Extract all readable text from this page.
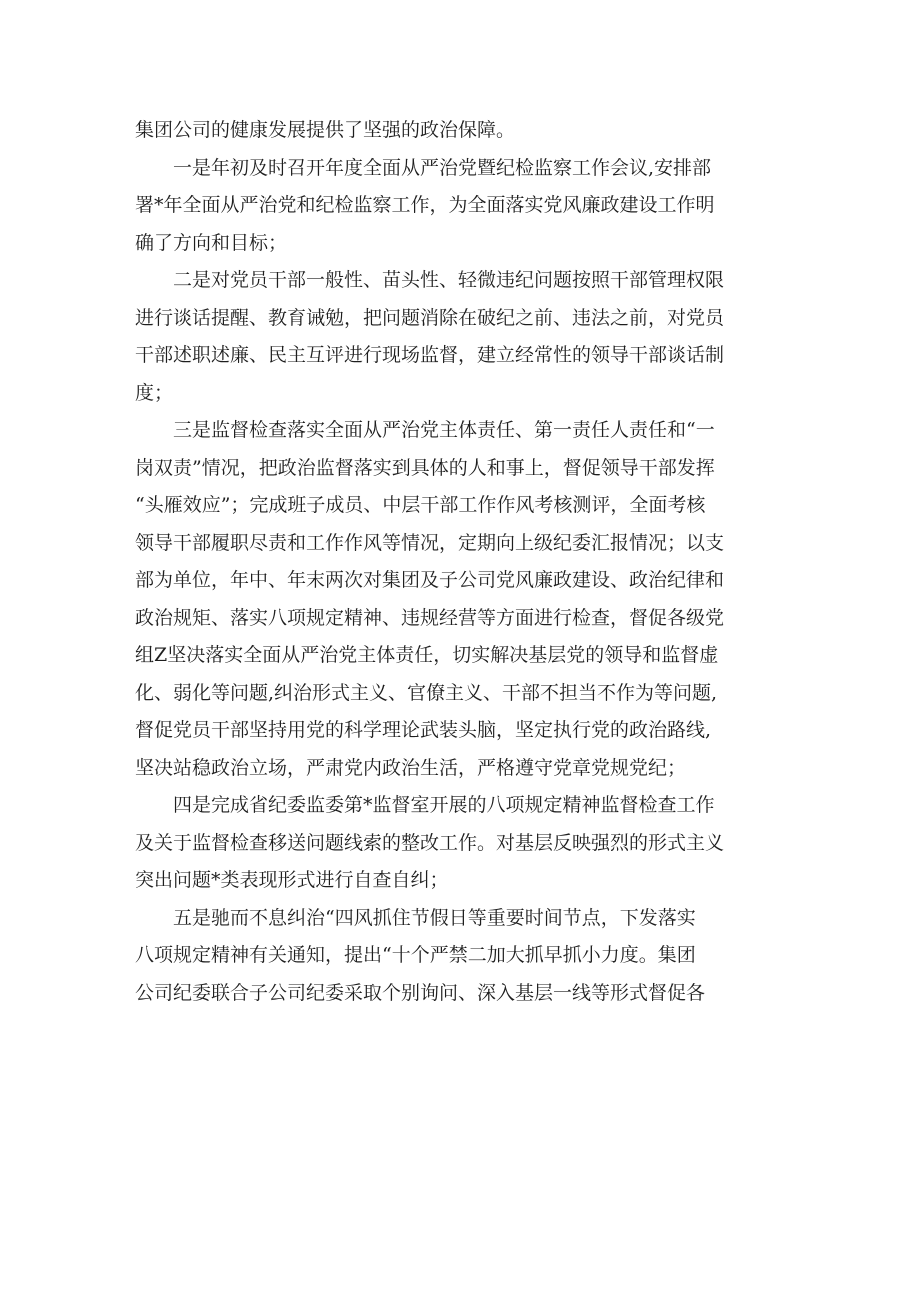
集团公司的健康发展提供了坚强的政治保障。

一是年初及时召开年度全面从严治党暨纪检监察工作会议,安排部
署*年全面从严治党和纪检监察工作，为全面落实党风廉政建设工作明
确了方向和目标；

二是对党员干部一般性、苗头性、轻微违纪问题按照干部管理权限
进行谈话提醒、教育诫勉，把问题消除在破纪之前、违法之前，对党员
干部述职述廉、民主互评进行现场监督，建立经常性的领导干部谈话制
度；

三是监督检查落实全面从严治党主体责任、第一责任人责任和“一
岗双责”情况，把政治监督落实到具体的人和事上，督促领导干部发挥
“头雁效应”；完成班子成员、中层干部工作作风考核测评，全面考核
领导干部履职尽责和工作作风等情况，定期向上级纪委汇报情况；以支
部为单位，年中、年末两次对集团及子公司党风廉政建设、政治纪律和
政治规矩、落实八项规定精神、违规经营等方面进行检查，督促各级党
组Z坚决落实全面从严治党主体责任，切实解决基层党的领导和监督虚
化、弱化等问题,纠治形式主义、官僚主义、干部不担当不作为等问题,
督促党员干部坚持用党的科学理论武装头脑，坚定执行党的政治路线,
坚决站稳政治立场，严肃党内政治生活，严格遵守党章党规党纪；

四是完成省纪委监委第*监督室开展的八项规定精神监督检查工作
及关于监督检查移送问题线索的整改工作。对基层反映强烈的形式主义
突出问题*类表现形式进行自查自纠；

五是驰而不息纠治“四风抓住节假日等重要时间节点，下发落实
八项规定精神有关通知，提出“十个严禁二加大抓早抓小力度。集团
公司纪委联合子公司纪委采取个别询问、深入基层一线等形式督促各
